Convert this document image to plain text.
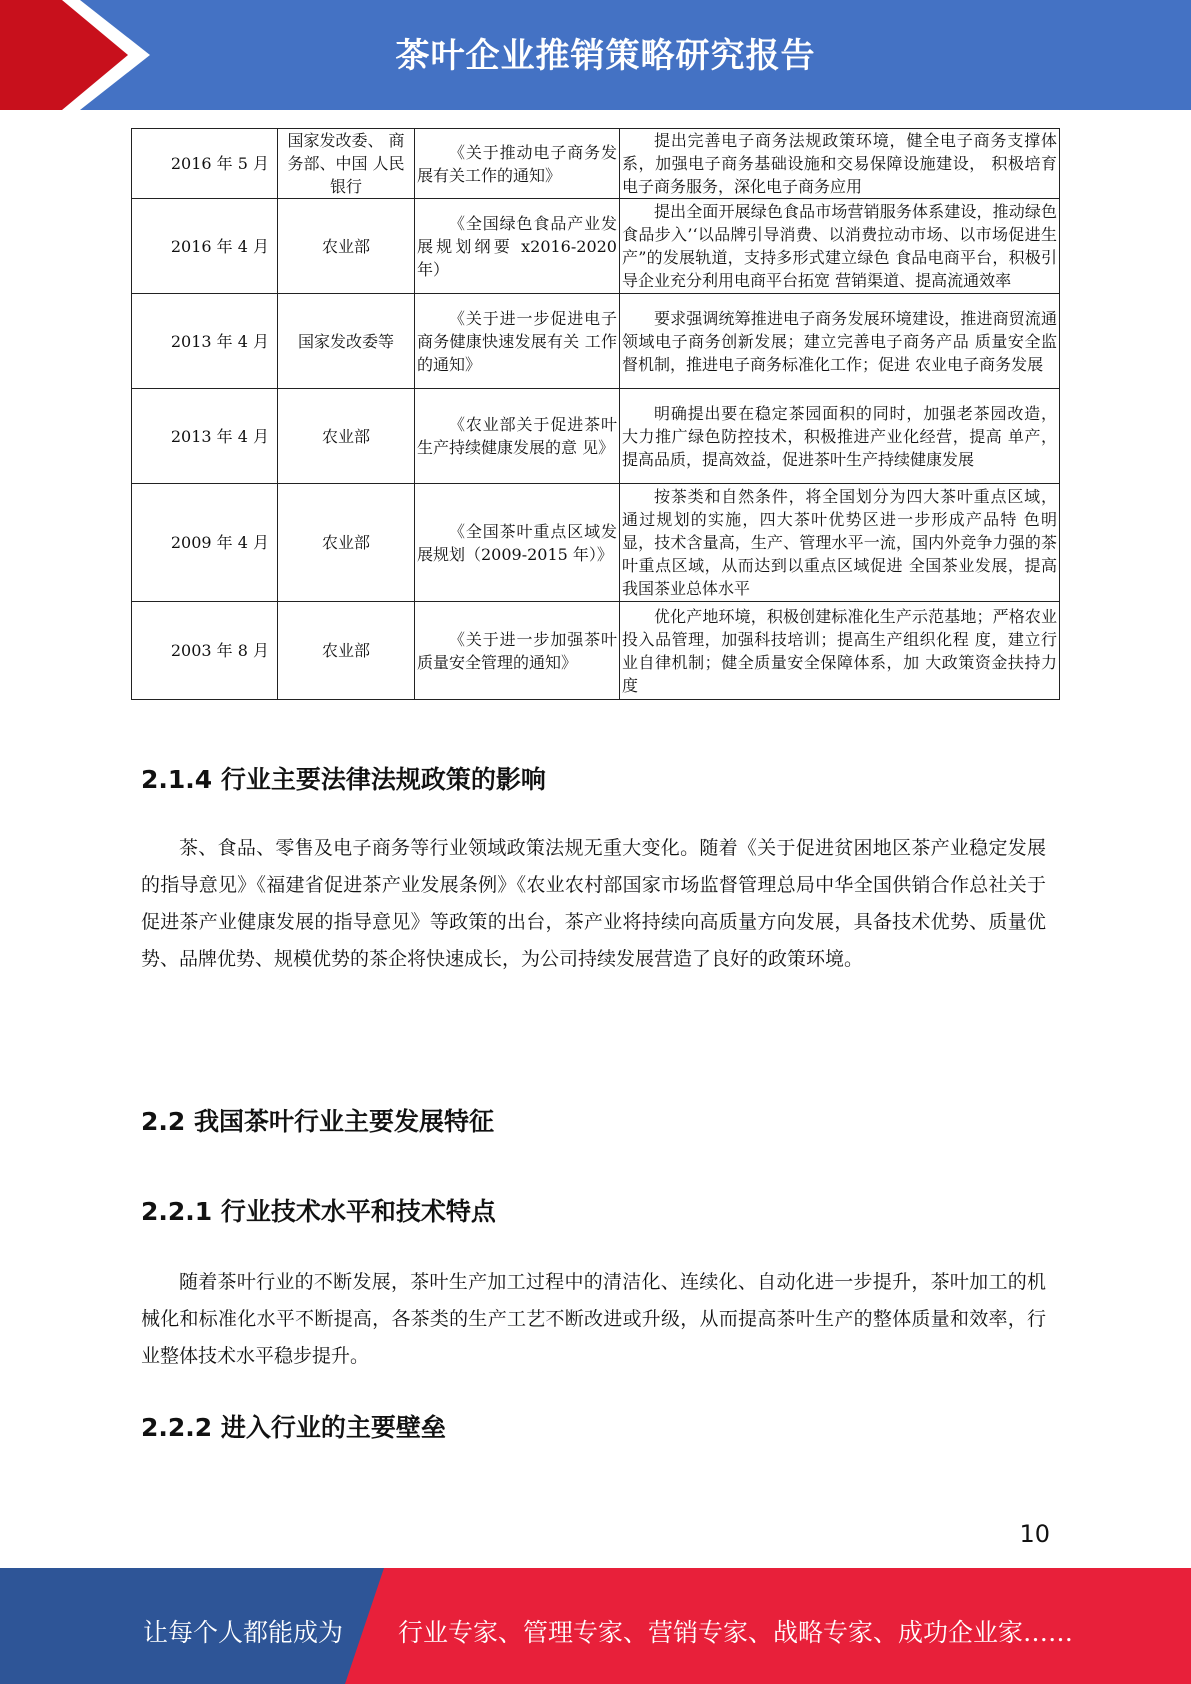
茶叶企业推销策略研究报告
2016 年 5 月	国家发改委、 商务部、中国 人民银行	《关于推动电子商务发 展有关工作的通知》	提出完善电子商务法规政策环境，健全电子商务支撑体系，加强电子商务基础设施和交易保障设施建设， 积极培育电子商务服务，深化电子商务应用
2016 年 4 月	农业部	《全国绿色食品产业发 展规划纲要 x2016-2020 年）	提出全面开展绿色食品市场营销服务体系建设，推动绿色食品步入’‘以品牌引导消费、以消费拉动市场、以市场促进生产”的发展轨道，支持多形式建立绿色 食品电商平台，积极引导企业充分利用电商平台拓宽 营销渠道、提高流通效率
2013 年 4 月	国家发改委等	《关于进一步促进电子 商务健康快速发展有关 工作的通知》	要求强调统筹推进电子商务发展环境建设，推进商贸流通领域电子商务创新发展；建立完善电子商务产品 质量安全监督机制，推进电子商务标准化工作；促进 农业电子商务发展
2013 年 4 月	农业部	《农业部关于促进茶叶 生产持续健康发展的意 见》	明确提出要在稳定茶园面积的同时，加强老茶园改造， 大力推广绿色防控技术，积极推进产业化经营，提高 单产，提高品质，提高效益，促进茶叶生产持续健康发展
2009 年 4 月	农业部	《全国茶叶重点区域发 展规划（2009-2015 年）》	按茶类和自然条件，将全国划分为四大茶叶重点区域， 通过规划的实施，四大茶叶优势区进一步形成产品特 色明显，技术含量高，生产、管理水平一流，国内外竞争力强的茶叶重点区域，从而达到以重点区域促进 全国茶业发展，提高我国茶业总体水平
2003 年 8 月	农业部	《关于进一步加强茶叶 质量安全管理的通知》	优化产地环境，积极创建标准化生产示范基地；严格农业投入品管理，加强科技培训；提高生产组织化程 度，建立行业自律机制；健全质量安全保障体系，加 大政策资金扶持力度
2.1.4 行业主要法律法规政策的影响

茶、食品、零售及电子商务等行业领域政策法规无重大变化。随着《关于促进贫困地区茶产业稳定发展的指导意见》《福建省促进茶产业发展条例》《农业农村部国家市场监督管理总局中华全国供销合作总社关于促进茶产业健康发展的指导意见》等政策的出台，茶产业将持续向高质量方向发展，具备技术优势、质量优势、品牌优势、规模优势的茶企将快速成长，为公司持续发展营造了良好的政策环境。

2.2 我国茶叶行业主要发展特征
2.2.1 行业技术水平和技术特点

随着茶叶行业的不断发展，茶叶生产加工过程中的清洁化、连续化、自动化进一步提升，茶叶加工的机械化和标准化水平不断提高，各茶类的生产工艺不断改进或升级，从而提高茶叶生产的整体质量和效率，行业整体技术水平稳步提升。

2.2.2 进入行业的主要壁垒
10
让每个人都能成为 行业专家、管理专家、营销专家、战略专家、成功企业家……
